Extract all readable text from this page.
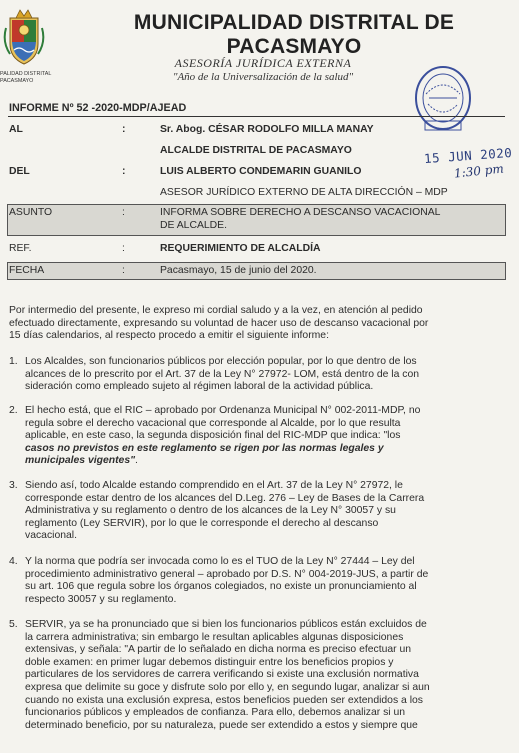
PALIDAD DISTRITAL
PACASMAYO
MUNICIPALIDAD DISTRITAL DE PACASMAYO
ASESORÍA JURÍDICA EXTERNA
"Año de la Universalización de la salud"
15 JUN 2020
1:30 pm
INFORME Nº 52 -2020-MDP/AJEAD
AL	:	Sr. Abog. CÉSAR RODOLFO MILLA MANAY
ALCALDE DISTRITAL DE PACASMAYO
DEL	:	LUIS ALBERTO CONDEMARIN GUANILO
ASESOR JURÍDICO EXTERNO DE ALTA DIRECCIÓN – MDP
ASUNTO	:	INFORMA SOBRE DERECHO A DESCANSO VACACIONAL
DE ALCALDE.
REF.	:	REQUERIMIENTO DE ALCALDÍA
FECHA	:	Pacasmayo, 15 de junio del 2020.
Por intermedio del presente, le expreso mi cordial saludo y a la vez, en atención al pedido
efectuado directamente, expresando su voluntad de hacer uso de descanso vacacional por
15 días calendarios, al respecto procedo a emitir el siguiente informe:
1. Los Alcaldes, son funcionarios públicos por elección popular, por lo que dentro de los
alcances de lo prescrito por el Art. 37 de la Ley N° 27972- LOM, está dentro de la con
sideración como empleado sujeto al régimen laboral de la actividad pública.
2. El hecho está, que el RIC – aprobado por Ordenanza Municipal N° 002-2011-MDP, no
regula sobre el derecho vacacional que corresponde al Alcalde, por lo que resulta
aplicable, en este caso, la segunda disposición final del RIC-MDP que indica: "los
casos no previstos en este reglamento se rigen por las normas legales y
municipales vigentes".
3. Siendo así, todo Alcalde estando comprendido en el Art. 37 de la Ley N° 27972, le
corresponde estar dentro de los alcances del D.Leg. 276 – Ley de Bases de la Carrera
Administrativa y su reglamento o dentro de los alcances de la Ley N° 30057 y su
reglamento (Ley SERVIR), por lo que le corresponde el derecho al descanso
vacacional.
4. Y la norma que podría ser invocada como lo es el TUO de la Ley N° 27444 – Ley del
procedimiento administrativo general – aprobado por D.S. N° 004-2019-JUS, a partir de
su art. 106 que regula sobre los órganos colegiados, no existe un pronunciamiento al
respecto 30057 y su reglamento.
5. SERVIR, ya se ha pronunciado que si bien los funcionarios públicos están excluidos de
la carrera administrativa; sin embargo le resultan aplicables algunas disposiciones
extensivas, y señala: "A partir de lo señalado en dicha norma es preciso efectuar un
doble examen: en primer lugar debemos distinguir entre los beneficios propios y
particulares de los servidores de carrera verificando si existe una exclusión normativa
expresa que delimite su goce y disfrute solo por ello y, en segundo lugar, analizar si aun
cuando no exista una exclusión expresa, estos beneficios pueden ser extendidos a los
funcionarios públicos y empleados de confianza. Para ello, debemos analizar si un
determinado beneficio, por su naturaleza, puede ser extendido a estos y siempre que
